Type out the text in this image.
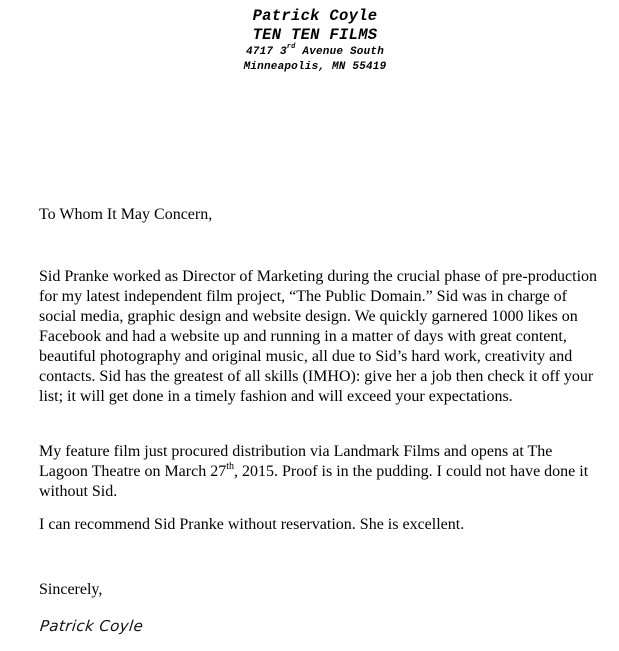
Patrick Coyle
TEN TEN FILMS
4717 3rd Avenue South
Minneapolis, MN 55419

To Whom It May Concern,

Sid Pranke worked as Director of Marketing during the crucial phase of pre-production for my latest independent film project, “The Public Domain.” Sid was in charge of social media, graphic design and website design. We quickly garnered 1000 likes on Facebook and had a website up and running in a matter of days with great content, beautiful photography and original music, all due to Sid’s hard work, creativity and contacts. Sid has the greatest of all skills (IMHO): give her a job then check it off your list; it will get done in a timely fashion and will exceed your expectations.

My feature film just procured distribution via Landmark Films and opens at The Lagoon Theatre on March 27th, 2015. Proof is in the pudding. I could not have done it without Sid.

I can recommend Sid Pranke without reservation. She is excellent.

Sincerely,

Patrick Coyle
